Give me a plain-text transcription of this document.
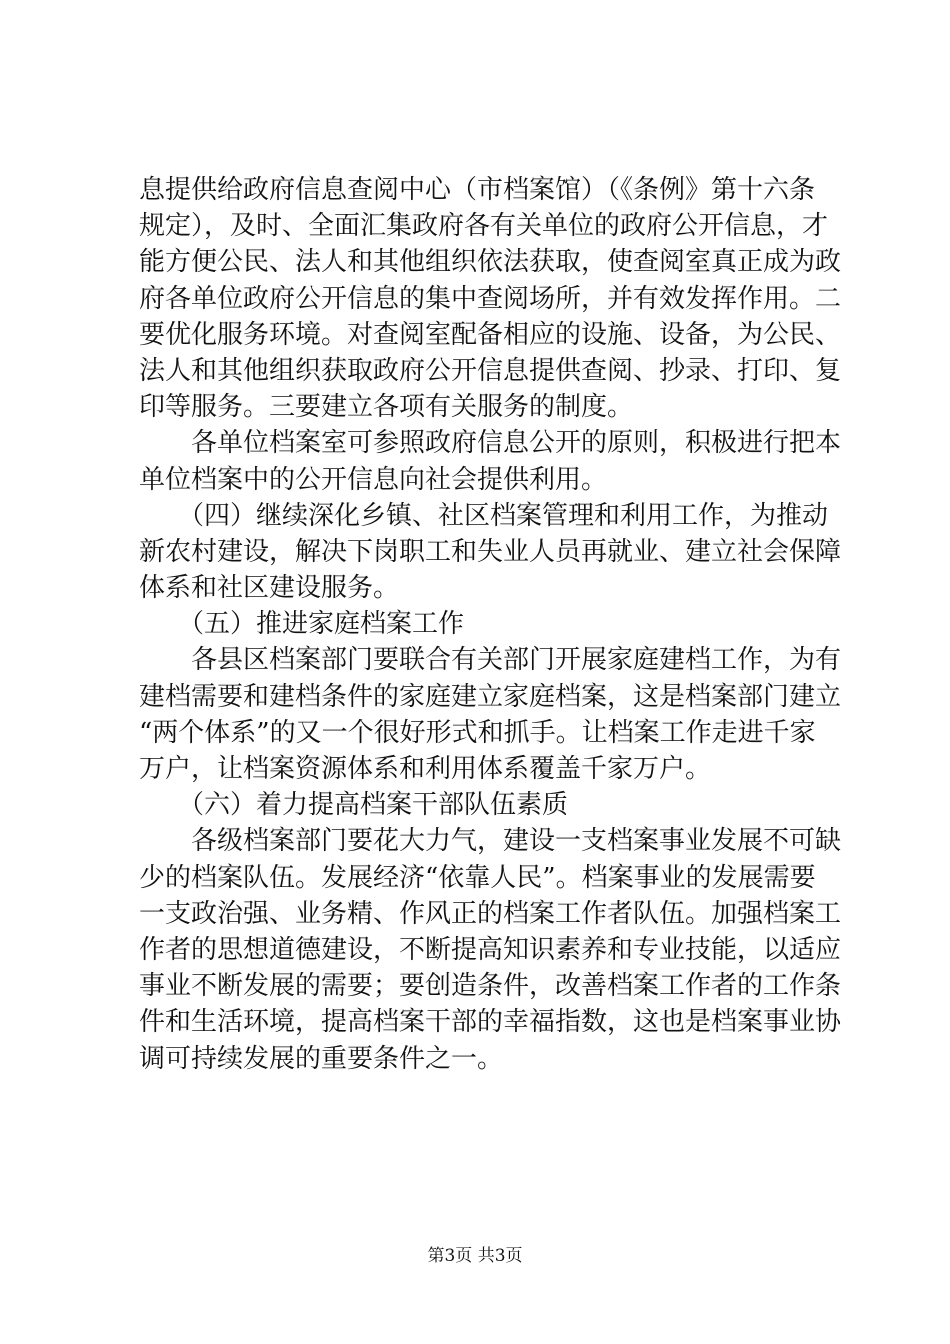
息提供给政府信息查阅中心（市档案馆）（《条例》第十六条
规定），及时、全面汇集政府各有关单位的政府公开信息，才
能方便公民、法人和其他组织依法获取，使查阅室真正成为政
府各单位政府公开信息的集中查阅场所，并有效发挥作用。二
要优化服务环境。对查阅室配备相应的设施、设备，为公民、
法人和其他组织获取政府公开信息提供查阅、抄录、打印、复
印等服务。三要建立各项有关服务的制度。
　　各单位档案室可参照政府信息公开的原则，积极进行把本
单位档案中的公开信息向社会提供利用。
　　（四）继续深化乡镇、社区档案管理和利用工作，为推动
新农村建设，解决下岗职工和失业人员再就业、建立社会保障
体系和社区建设服务。
　　（五）推进家庭档案工作
　　各县区档案部门要联合有关部门开展家庭建档工作，为有
建档需要和建档条件的家庭建立家庭档案，这是档案部门建立
“两个体系”的又一个很好形式和抓手。让档案工作走进千家
万户，让档案资源体系和利用体系覆盖千家万户。
　　（六）着力提高档案干部队伍素质
　　各级档案部门要花大力气，建设一支档案事业发展不可缺
少的档案队伍。发展经济“依靠人民”。档案事业的发展需要
一支政治强、业务精、作风正的档案工作者队伍。加强档案工
作者的思想道德建设，不断提高知识素养和专业技能，以适应
事业不断发展的需要；要创造条件，改善档案工作者的工作条
件和生活环境，提高档案干部的幸福指数，这也是档案事业协
调可持续发展的重要条件之一。
第3页 共3页
